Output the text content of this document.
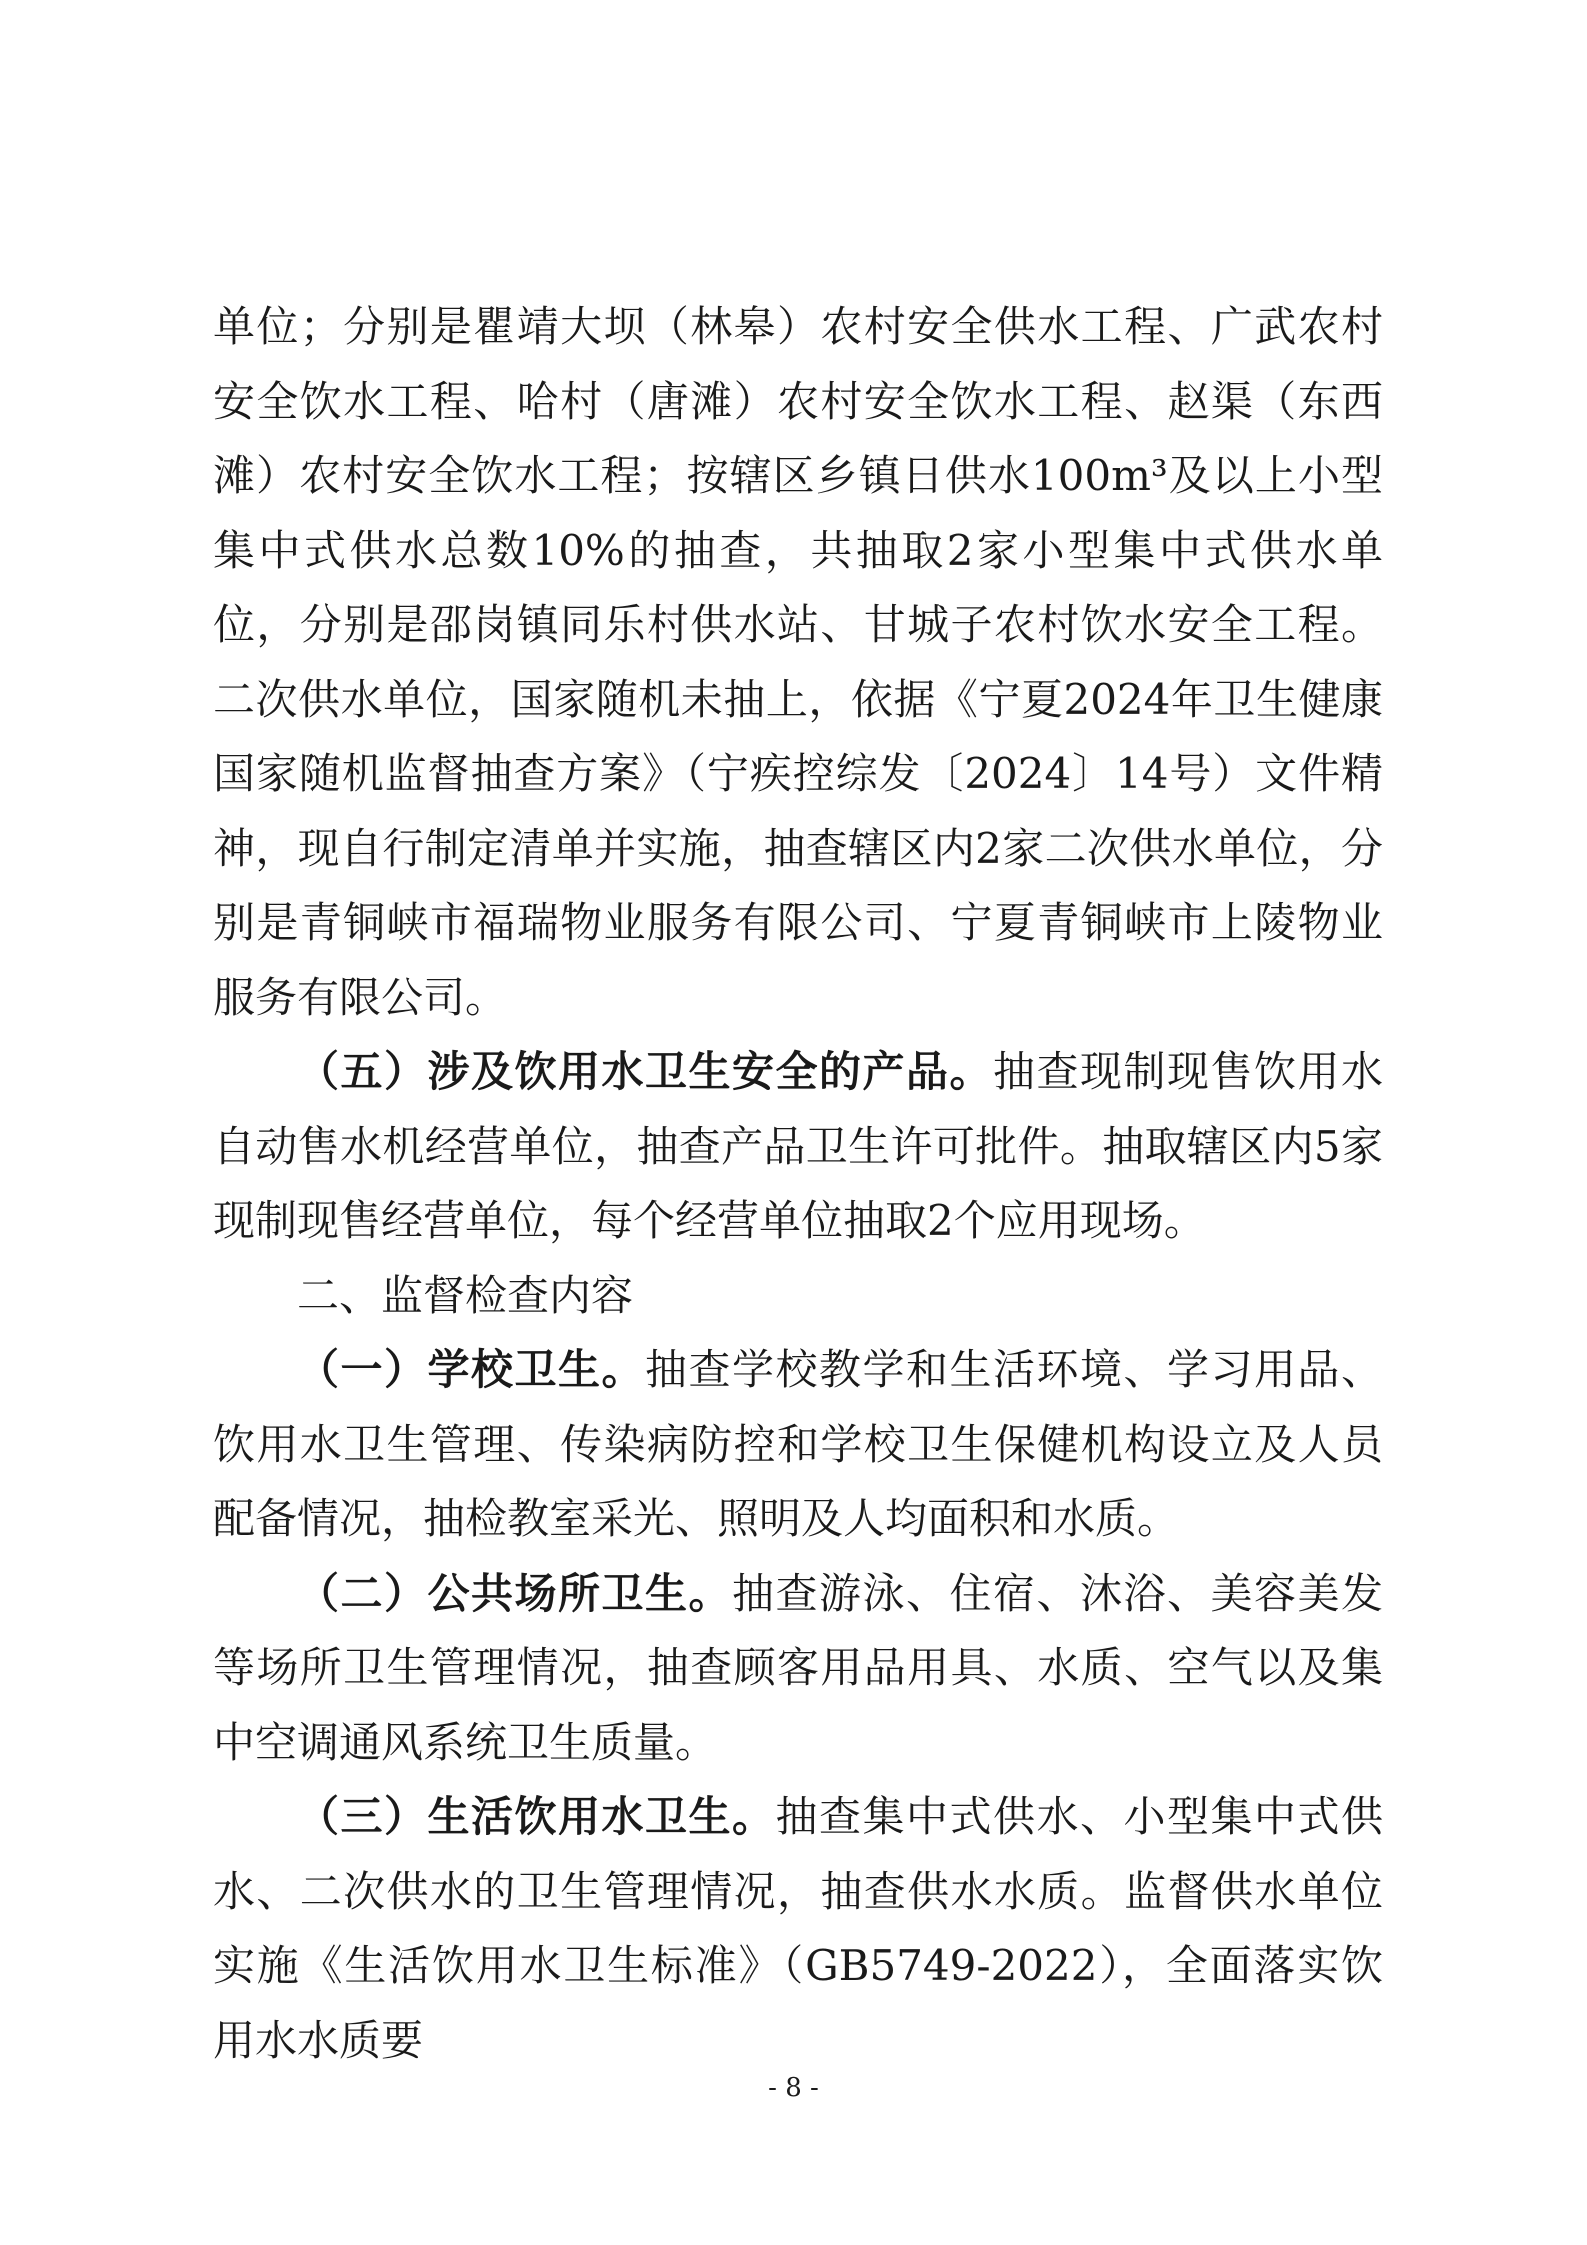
单位；分别是瞿靖大坝（林皋）农村安全供水工程、广武农村安全饮水工程、哈村（唐滩）农村安全饮水工程、赵渠（东西滩）农村安全饮水工程；按辖区乡镇日供水100m³及以上小型集中式供水总数10%的抽查，共抽取2家小型集中式供水单位，分别是邵岗镇同乐村供水站、甘城子农村饮水安全工程。二次供水单位，国家随机未抽上，依据《宁夏2024年卫生健康国家随机监督抽查方案》（宁疾控综发〔2024〕14号）文件精神，现自行制定清单并实施，抽查辖区内2家二次供水单位，分别是青铜峡市福瑞物业服务有限公司、宁夏青铜峡市上陵物业服务有限公司。

（五）涉及饮用水卫生安全的产品。抽查现制现售饮用水自动售水机经营单位，抽查产品卫生许可批件。抽取辖区内5家现制现售经营单位，每个经营单位抽取2个应用现场。

二、监督检查内容

（一）学校卫生。抽查学校教学和生活环境、学习用品、饮用水卫生管理、传染病防控和学校卫生保健机构设立及人员配备情况，抽检教室采光、照明及人均面积和水质。

（二）公共场所卫生。抽查游泳、住宿、沐浴、美容美发等场所卫生管理情况，抽查顾客用品用具、水质、空气以及集中空调通风系统卫生质量。

（三）生活饮用水卫生。抽查集中式供水、小型集中式供水、二次供水的卫生管理情况，抽查供水水质。监督供水单位实施《生活饮用水卫生标准》（GB5749-2022），全面落实饮用水水质要

- 8 -
